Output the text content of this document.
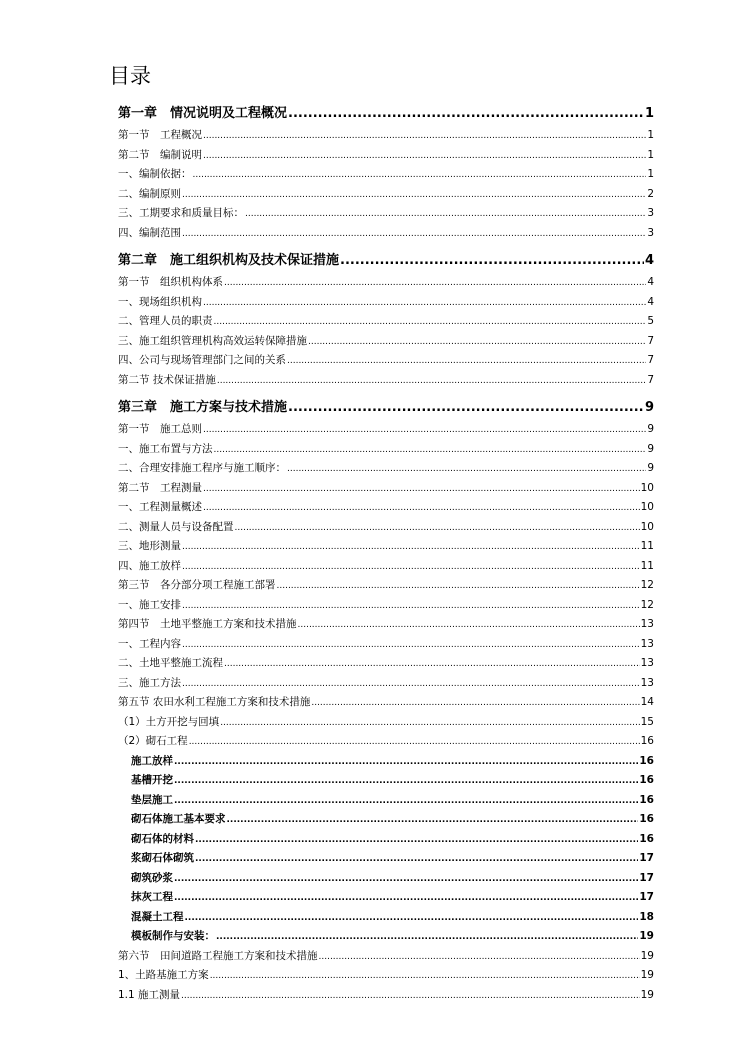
目录
第一章　情况说明及工程概况 .....	1
第一节　工程概况 .....	1
第二节　编制说明 .....	1
一、编制依据： .....	1
二、编制原则 .....	2
三、工期要求和质量目标： .....	3
四、编制范围 .....	3
第二章　施工组织机构及技术保证措施 .....	4
第一节　组织机构体系 .....	4
一、现场组织机构 .....	4
二、管理人员的职责 .....	5
三、施工组织管理机构高效运转保障措施 .....	7
四、公司与现场管理部门之间的关系 .....	7
第二节 技术保证措施 .....	7
第三章　施工方案与技术措施 .....	9
第一节　施工总则 .....	9
一、施工布置与方法 .....	9
二、合理安排施工程序与施工顺序： .....	9
第二节　工程测量 .....	10
一、工程测量概述 .....	10
二、测量人员与设备配置 .....	10
三、地形测量 .....	11
四、施工放样 .....	11
第三节　各分部分项工程施工部署 .....	12
一、施工安排 .....	12
第四节　土地平整施工方案和技术措施 .....	13
一、工程内容 .....	13
二、土地平整施工流程 .....	13
三、施工方法 .....	13
第五节 农田水利工程施工方案和技术措施 .....	14
（1）土方开挖与回填 .....	15
（2）砌石工程 .....	16
施工放样 .....	16
基槽开挖 .....	16
垫层施工 .....	16
砌石体施工基本要求 .....	16
砌石体的材料 .....	16
浆砌石体砌筑 .....	17
砌筑砂浆 .....	17
抹灰工程 .....	17
混凝土工程 .....	18
模板制作与安装： .....	19
第六节　田间道路工程施工方案和技术措施 .....	19
1、土路基施工方案 .....	19
1.1 施工测量 .....	19
